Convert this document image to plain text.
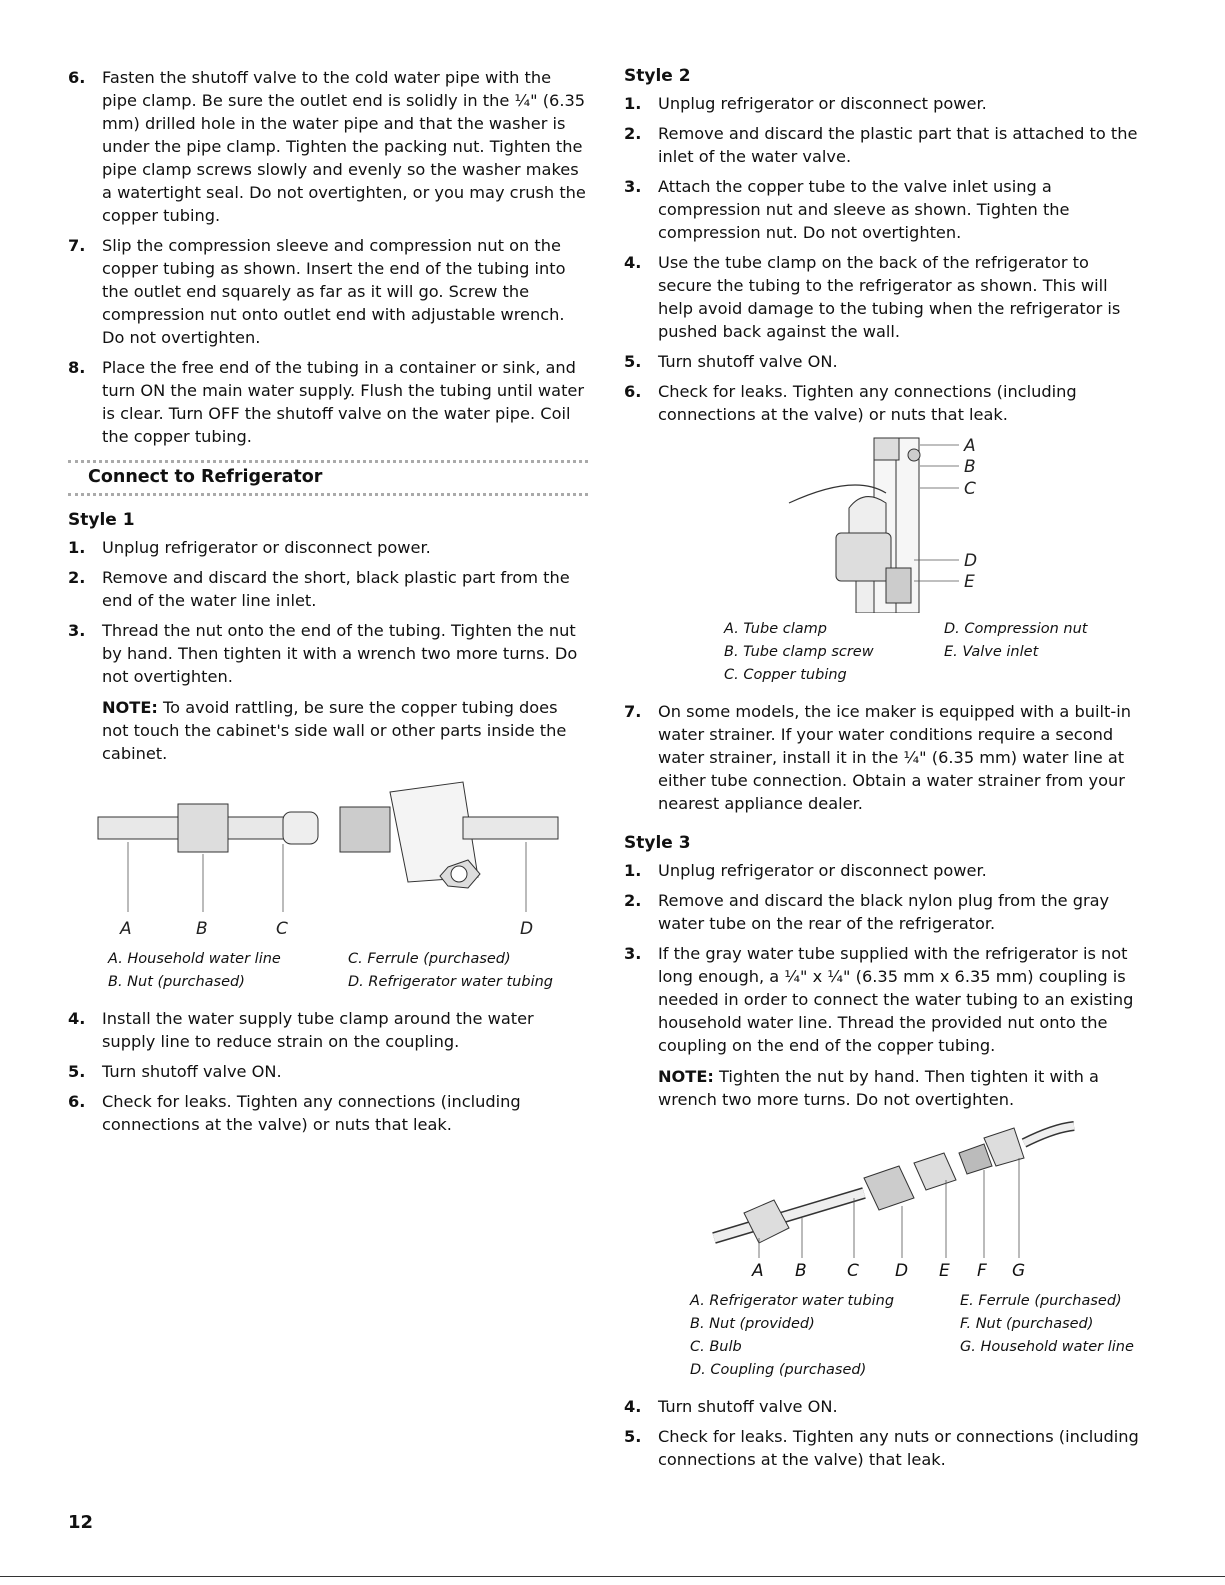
6. Fasten the shutoff valve to the cold water pipe with the pipe clamp. Be sure the outlet end is solidly in the ¼" (6.35 mm) drilled hole in the water pipe and that the washer is under the pipe clamp. Tighten the packing nut. Tighten the pipe clamp screws slowly and evenly so the washer makes a watertight seal. Do not overtighten, or you may crush the copper tubing.
7. Slip the compression sleeve and compression nut on the copper tubing as shown. Insert the end of the tubing into the outlet end squarely as far as it will go. Screw the compression nut onto outlet end with adjustable wrench. Do not overtighten.
8. Place the free end of the tubing in a container or sink, and turn ON the main water supply. Flush the tubing until water is clear. Turn OFF the shutoff valve on the water pipe. Coil the copper tubing.
Connect to Refrigerator
Style 1
1. Unplug refrigerator or disconnect power.
2. Remove and discard the short, black plastic part from the end of the water line inlet.
3. Thread the nut onto the end of the tubing. Tighten the nut by hand. Then tighten it with a wrench two more turns. Do not overtighten.
NOTE: To avoid rattling, be sure the copper tubing does not touch the cabinet's side wall or other parts inside the cabinet.
A	B	C	D
A. Household water line	C. Ferrule (purchased)
B. Nut (purchased)	D. Refrigerator water tubing
4. Install the water supply tube clamp around the water supply line to reduce strain on the coupling.
5. Turn shutoff valve ON.
6. Check for leaks. Tighten any connections (including connections at the valve) or nuts that leak.
Style 2
1. Unplug refrigerator or disconnect power.
2. Remove and discard the plastic part that is attached to the inlet of the water valve.
3. Attach the copper tube to the valve inlet using a compression nut and sleeve as shown. Tighten the compression nut. Do not overtighten.
4. Use the tube clamp on the back of the refrigerator to secure the tubing to the refrigerator as shown. This will help avoid damage to the tubing when the refrigerator is pushed back against the wall.
5. Turn shutoff valve ON.
6. Check for leaks. Tighten any connections (including connections at the valve) or nuts that leak.
A
B
C
D
E
A. Tube clamp	D. Compression nut
B. Tube clamp screw	E. Valve inlet
C. Copper tubing
7. On some models, the ice maker is equipped with a built-in water strainer. If your water conditions require a second water strainer, install it in the ¼" (6.35 mm) water line at either tube connection. Obtain a water strainer from your nearest appliance dealer.
Style 3
1. Unplug refrigerator or disconnect power.
2. Remove and discard the black nylon plug from the gray water tube on the rear of the refrigerator.
3. If the gray water tube supplied with the refrigerator is not long enough, a ¼" x ¼" (6.35 mm x 6.35 mm) coupling is needed in order to connect the water tubing to an existing household water line. Thread the provided nut onto the coupling on the end of the copper tubing.
NOTE: Tighten the nut by hand. Then tighten it with a wrench two more turns. Do not overtighten.
A B C D E F G
A. Refrigerator water tubing	E. Ferrule (purchased)
B. Nut (provided)	F. Nut (purchased)
C. Bulb	G. Household water line
D. Coupling (purchased)
4. Turn shutoff valve ON.
5. Check for leaks. Tighten any nuts or connections (including connections at the valve) that leak.
12
